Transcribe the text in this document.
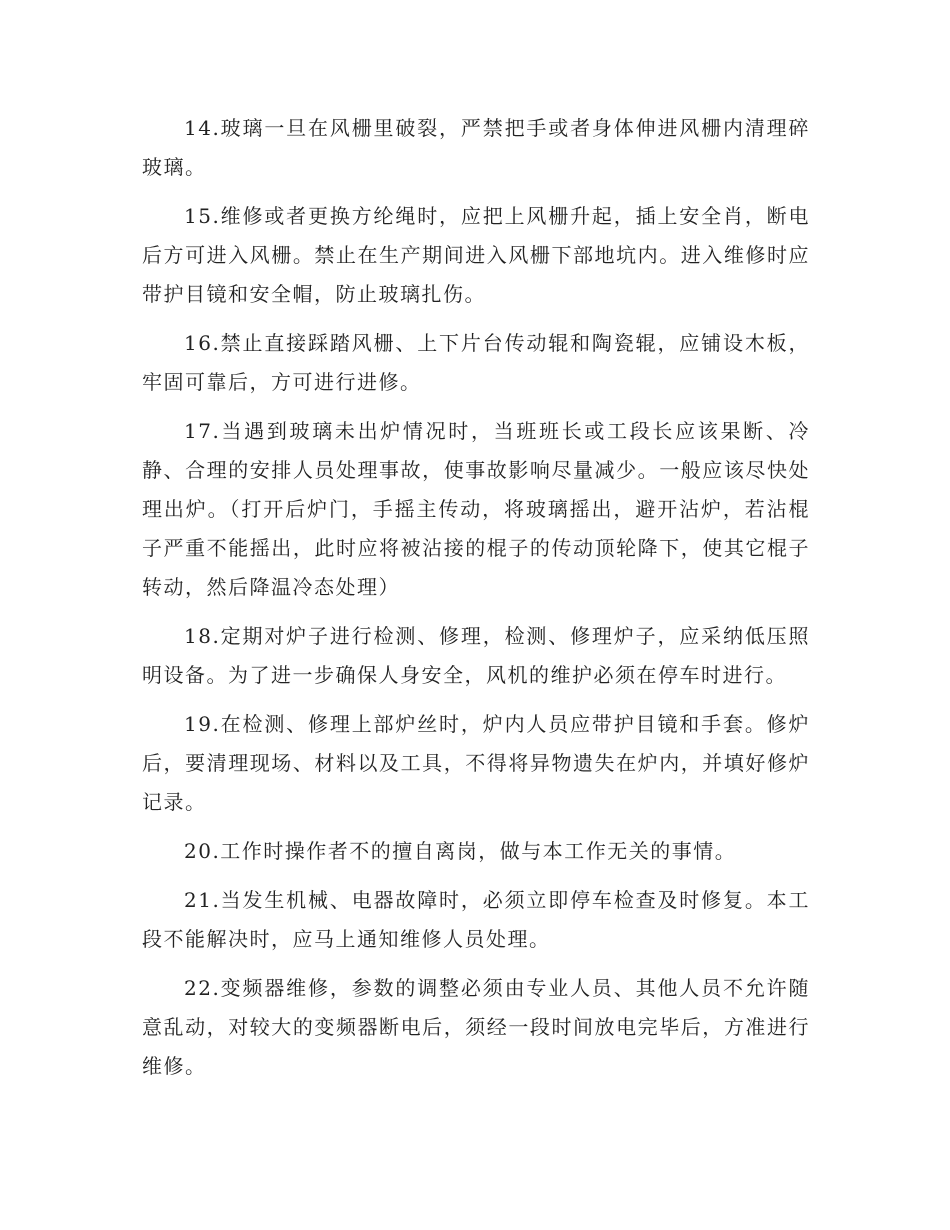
14.玻璃一旦在风栅里破裂，严禁把手或者身体伸进风栅内清理碎玻璃。

15.维修或者更换方纶绳时，应把上风栅升起，插上安全肖，断电后方可进入风栅。禁止在生产期间进入风栅下部地坑内。进入维修时应带护目镜和安全帽，防止玻璃扎伤。

16.禁止直接踩踏风栅、上下片台传动辊和陶瓷辊，应铺设木板，牢固可靠后，方可进行进修。

17.当遇到玻璃未出炉情况时，当班班长或工段长应该果断、冷静、合理的安排人员处理事故，使事故影响尽量减少。一般应该尽快处理出炉。（打开后炉门，手摇主传动，将玻璃摇出，避开沾炉，若沾棍子严重不能摇出，此时应将被沾接的棍子的传动顶轮降下，使其它棍子转动，然后降温冷态处理）

18.定期对炉子进行检测、修理，检测、修理炉子，应采纳低压照明设备。为了进一步确保人身安全，风机的维护必须在停车时进行。

19.在检测、修理上部炉丝时，炉内人员应带护目镜和手套。修炉后，要清理现场、材料以及工具，不得将异物遗失在炉内，并填好修炉记录。

20.工作时操作者不的擅自离岗，做与本工作无关的事情。

21.当发生机械、电器故障时，必须立即停车检查及时修复。本工段不能解决时，应马上通知维修人员处理。

22.变频器维修，参数的调整必须由专业人员、其他人员不允许随意乱动，对较大的变频器断电后，须经一段时间放电完毕后，方准进行维修。
